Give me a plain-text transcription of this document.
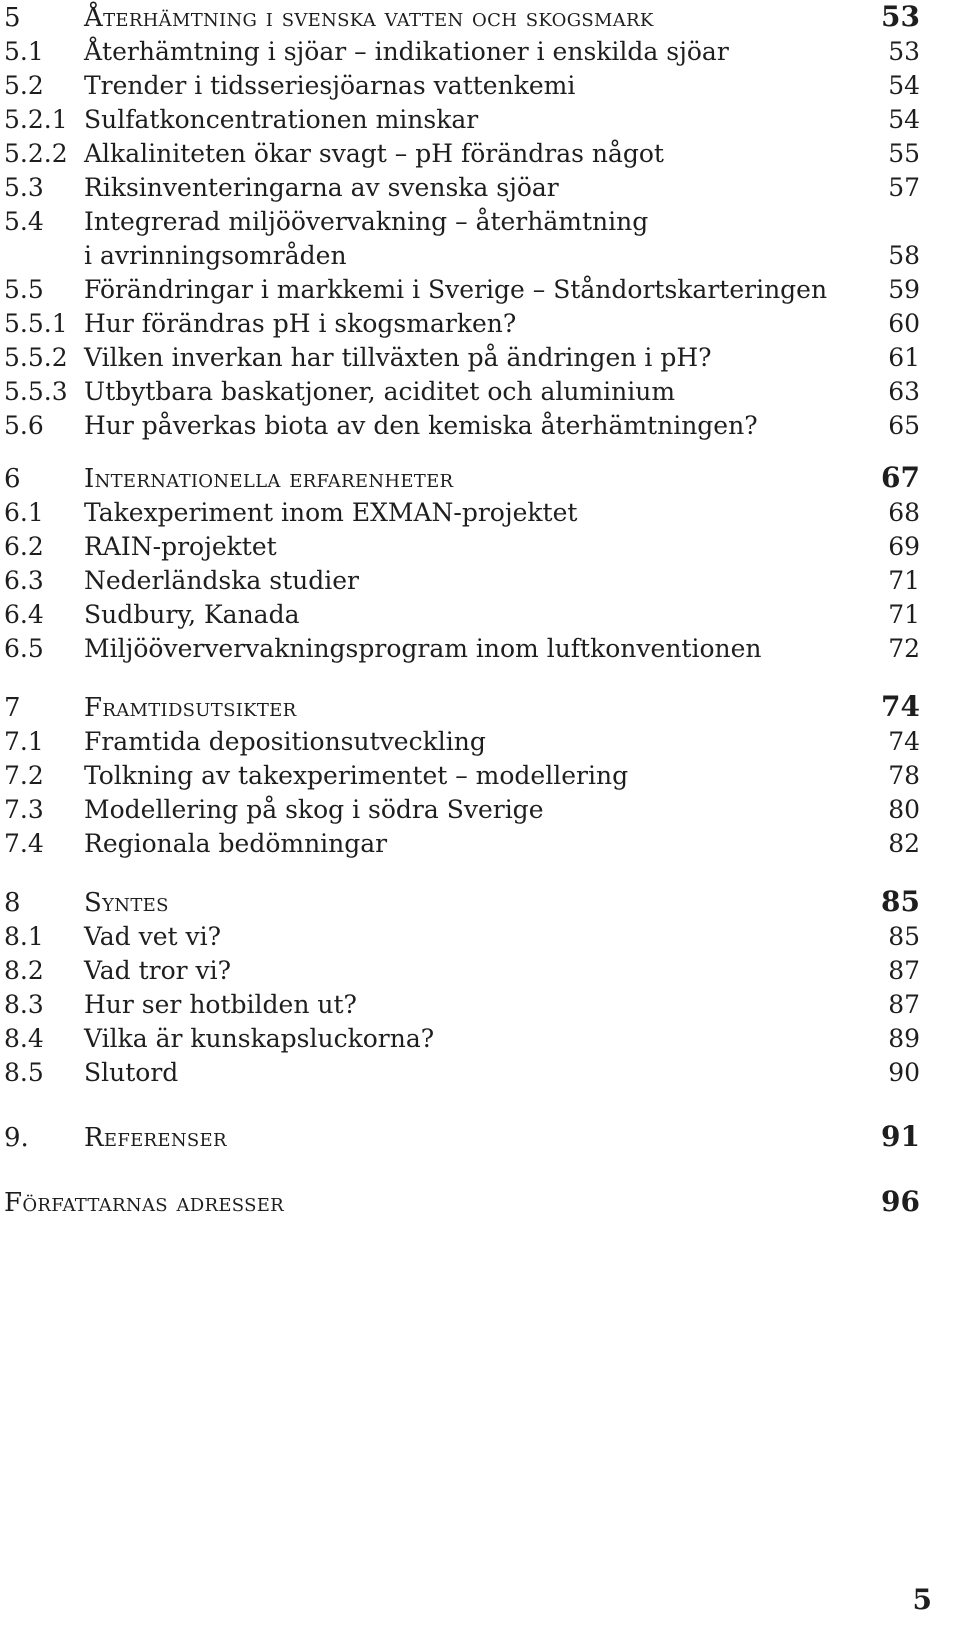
5	Återhämtning i svenska vatten och skogsmark	53
5.1	Återhämtning i sjöar – indikationer i enskilda sjöar	53
5.2	Trender i tidsseriesjöarnas vattenkemi	54
5.2.1 Sulfatkoncentrationen minskar	54
5.2.2 Alkaliniteten ökar svagt – pH förändras något	55
5.3	Riksinventeringarna av svenska sjöar	57
5.4	Integrerad miljöövervakning – återhämtning
i avrinningsområden	58
5.5	Förändringar i markkemi i Sverige – Ståndortskarteringen	59
5.5.1 Hur förändras pH i skogsmarken?	60
5.5.2 Vilken inverkan har tillväxten på ändringen i pH?	61
5.5.3 Utbytbara baskatjoner, aciditet och aluminium	63
5.6	Hur påverkas biota av den kemiska återhämtningen?	65
6	Internationella erfarenheter	67
6.1	Takexperiment inom EXMAN-projektet	68
6.2	RAIN-projektet	69
6.3	Nederländska studier	71
6.4	Sudbury, Kanada	71
6.5	Miljööververvakningsprogram inom luftkonventionen	72
7	Framtidsutsikter	74
7.1	Framtida depositionsutveckling	74
7.2	Tolkning av takexperimentet – modellering	78
7.3	Modellering på skog i södra Sverige	80
7.4	Regionala bedömningar	82
8	Syntes	85
8.1	Vad vet vi?	85
8.2	Vad tror vi?	87
8.3	Hur ser hotbilden ut?	87
8.4	Vilka är kunskapsluckorna?	89
8.5	Slutord	90
9.	Referenser	91
Författarnas adresser	96
5
